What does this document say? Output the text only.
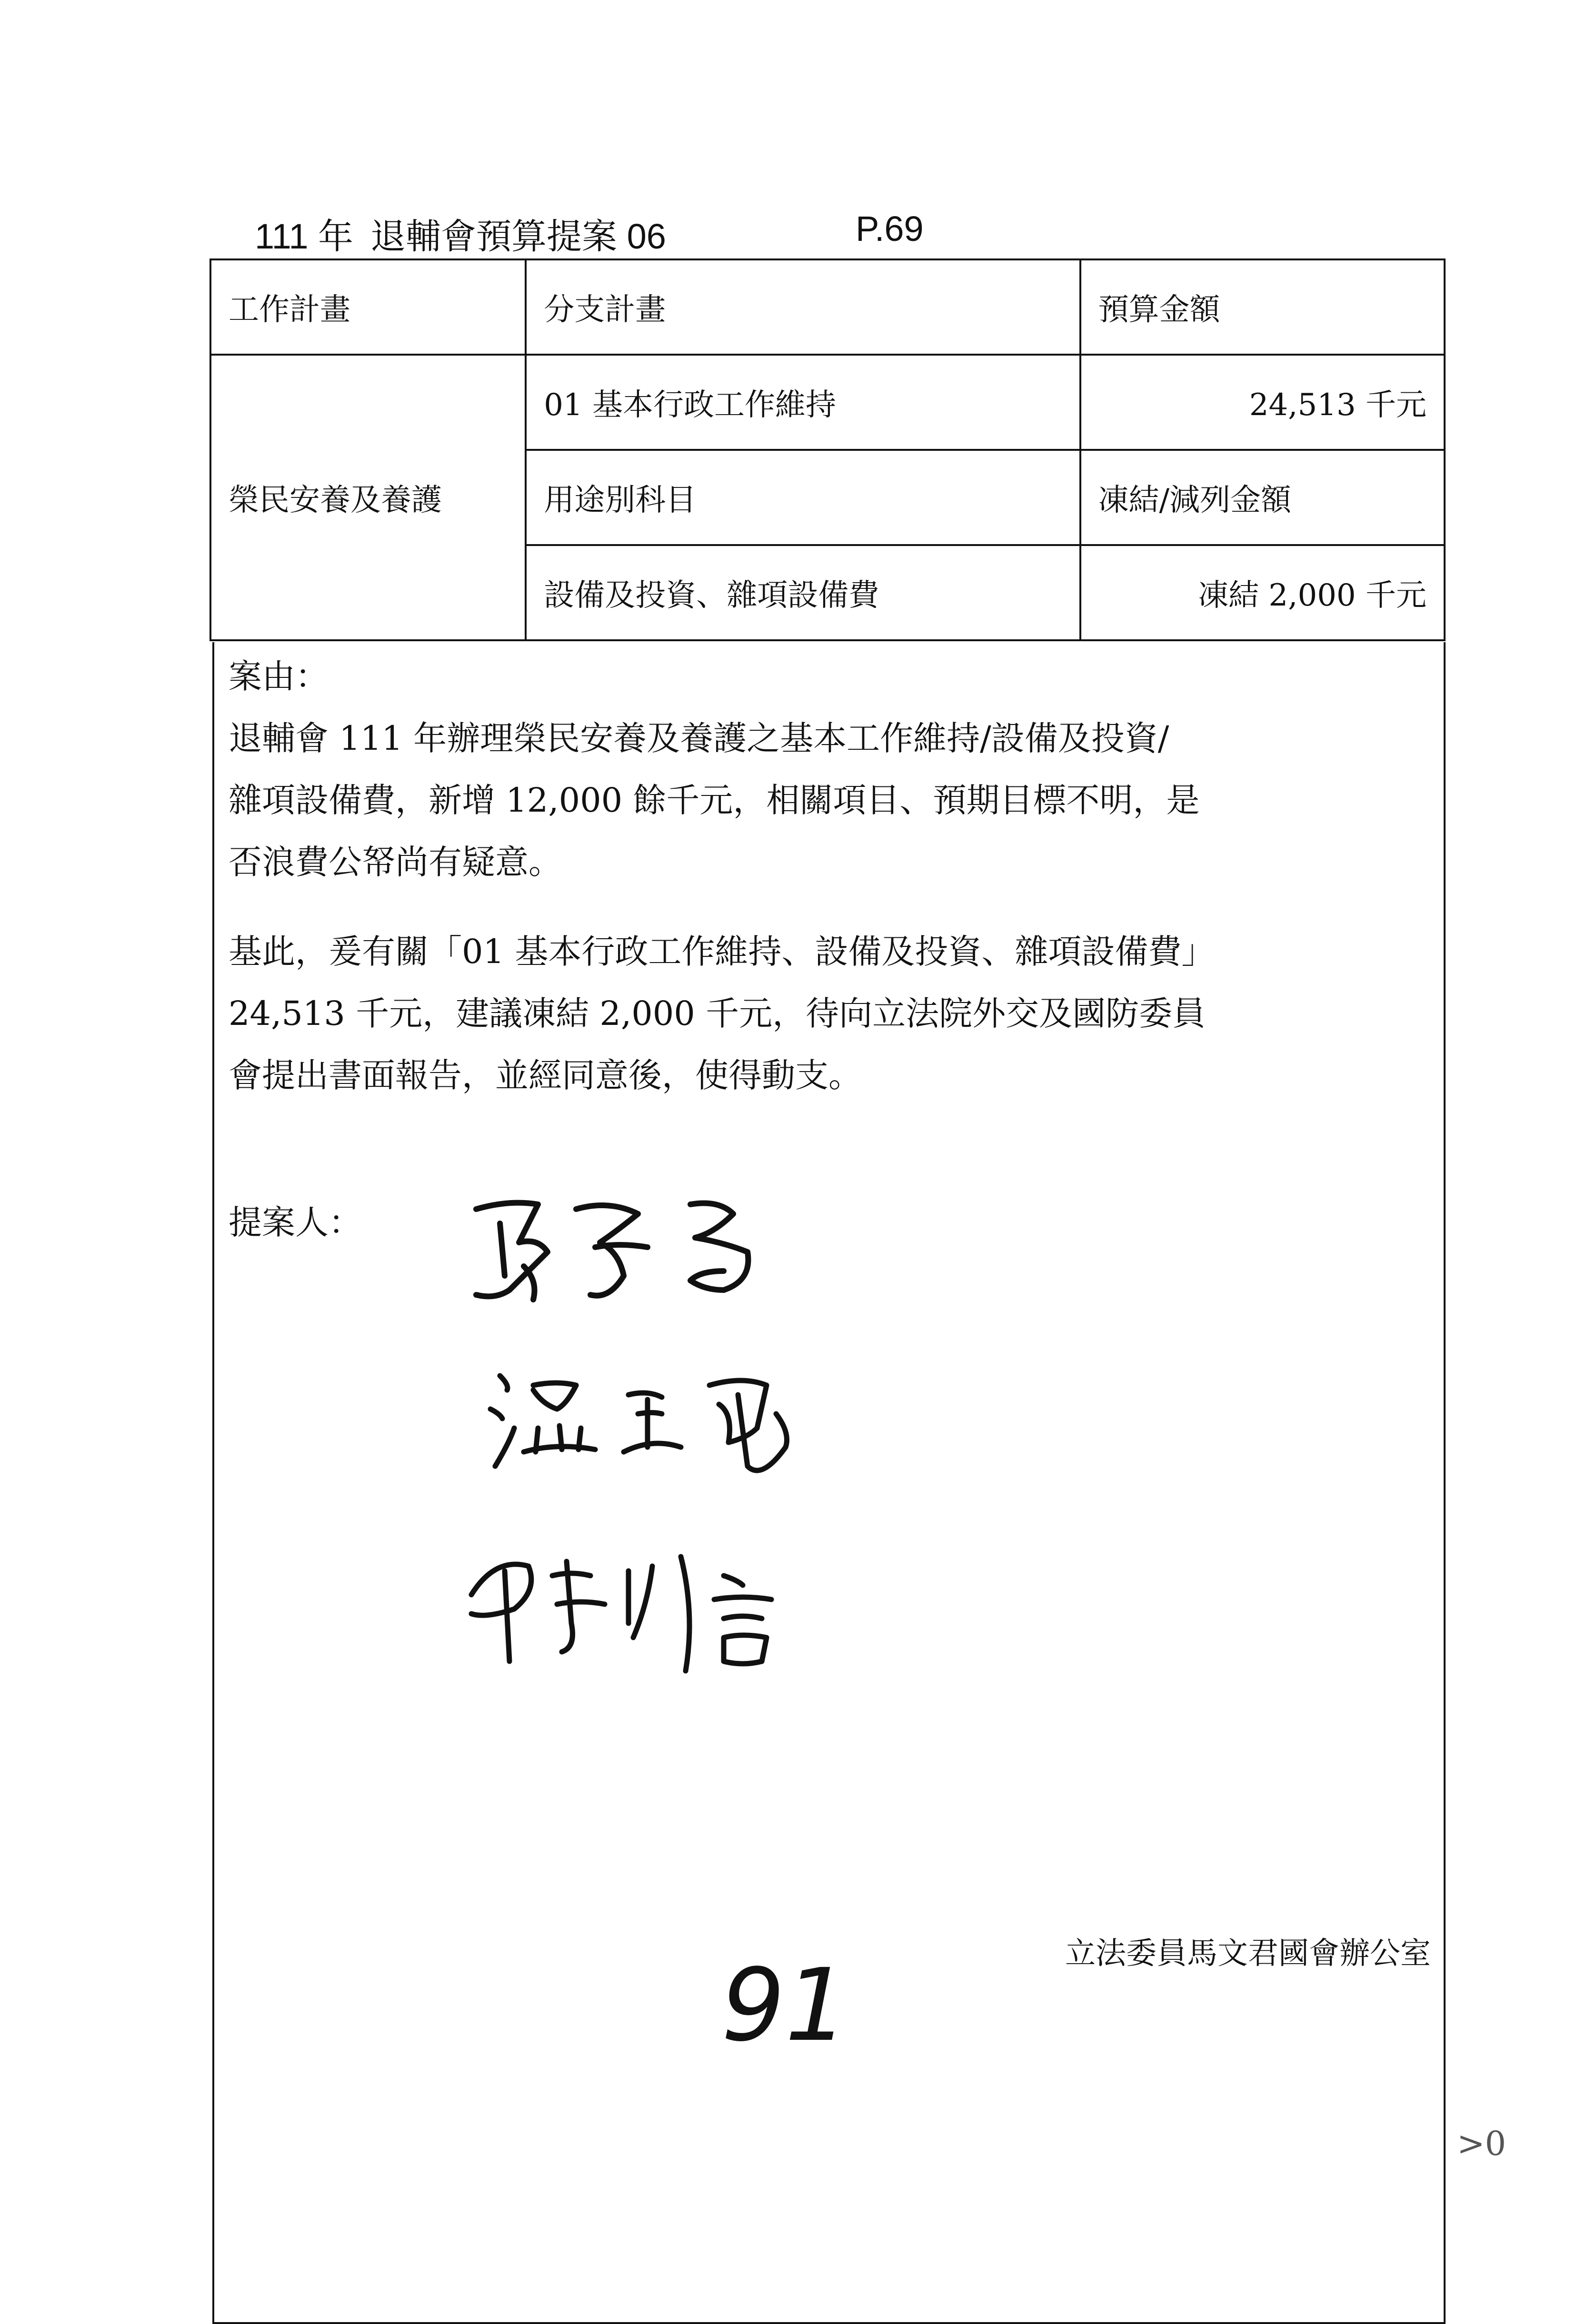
111 年 退輔會預算提案 06	P.69
工作計畫	分支計畫	預算金額
榮民安養及養護	01 基本行政工作維持	24,513 千元
	用途別科目	凍結/減列金額
	設備及投資、雜項設備費	凍結 2,000 千元
案由：
退輔會 111 年辦理榮民安養及養護之基本工作維持/設備及投資/
雜項設備費，新增 12,000 餘千元，相關項目、預期目標不明，是
否浪費公帑尚有疑意。
基此，爰有關「01 基本行政工作維持、設備及投資、雜項設備費」
24,513 千元，建議凍結 2,000 千元，待向立法院外交及國防委員
會提出書面報告，並經同意後，使得動支。
提案人：
立法委員馬文君國會辦公室
91
>0
